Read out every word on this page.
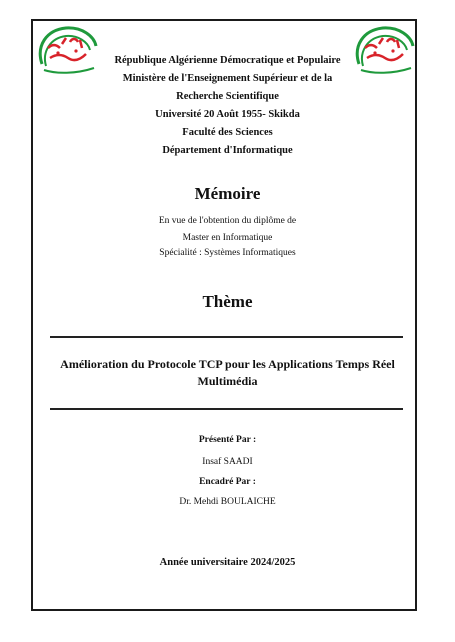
République Algérienne Démocratique et Populaire
Ministère de l'Enseignement Supérieur et de la
Recherche Scientifique
Université 20 Août 1955- Skikda
Faculté des Sciences
Département d'Informatique
Mémoire
En vue de l'obtention du diplôme de
Master en Informatique
Spécialité : Systèmes Informatiques
Thème
Amélioration du Protocole TCP pour les Applications Temps Réel
Multimédia
Présenté Par :
Insaf SAADI
Encadré Par :
Dr. Mehdi BOULAICHE
Année universitaire 2024/2025
